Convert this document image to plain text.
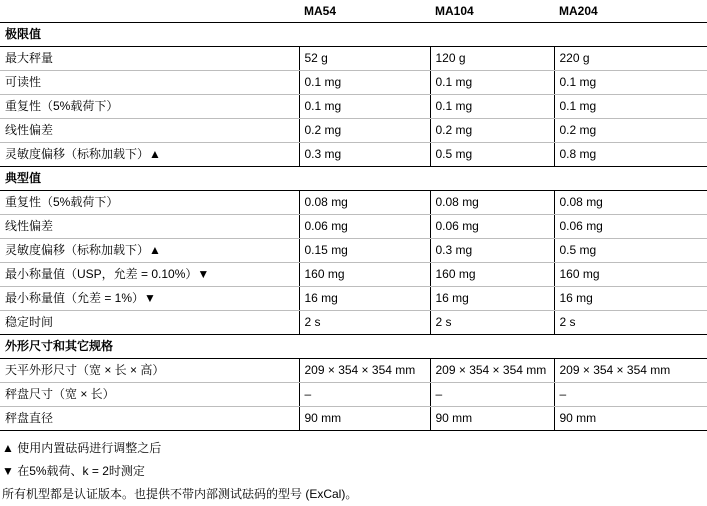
	MA54	MA104	MA204
极限值			
最大秤量	52 g	120 g	220 g
可读性	0.1 mg	0.1 mg	0.1 mg
重复性（5%载荷下）	0.1 mg	0.1 mg	0.1 mg
线性偏差	0.2 mg	0.2 mg	0.2 mg
灵敏度偏移（标称加载下）▲	0.3 mg	0.5 mg	0.8 mg
典型值			
重复性（5%载荷下）	0.08 mg	0.08 mg	0.08 mg
线性偏差	0.06 mg	0.06 mg	0.06 mg
灵敏度偏移（标称加载下）▲	0.15 mg	0.3 mg	0.5 mg
最小称量值（USP，允差 = 0.10%）▼	160 mg	160 mg	160 mg
最小称量值（允差 = 1%）▼	16 mg	16 mg	16 mg
稳定时间	2 s	2 s	2 s
外形尺寸和其它规格			
天平外形尺寸（宽 × 长 × 高）	209 × 354 × 354 mm	209 × 354 × 354 mm	209 × 354 × 354 mm
秤盘尺寸（宽 × 长）	–	–	–
秤盘直径	90 mm	90 mm	90 mm
▲ 使用内置砝码进行调整之后
▼ 在5%载荷、k = 2时测定
所有机型都是认证版本。也提供不带内部测试砝码的型号 (ExCal)。
